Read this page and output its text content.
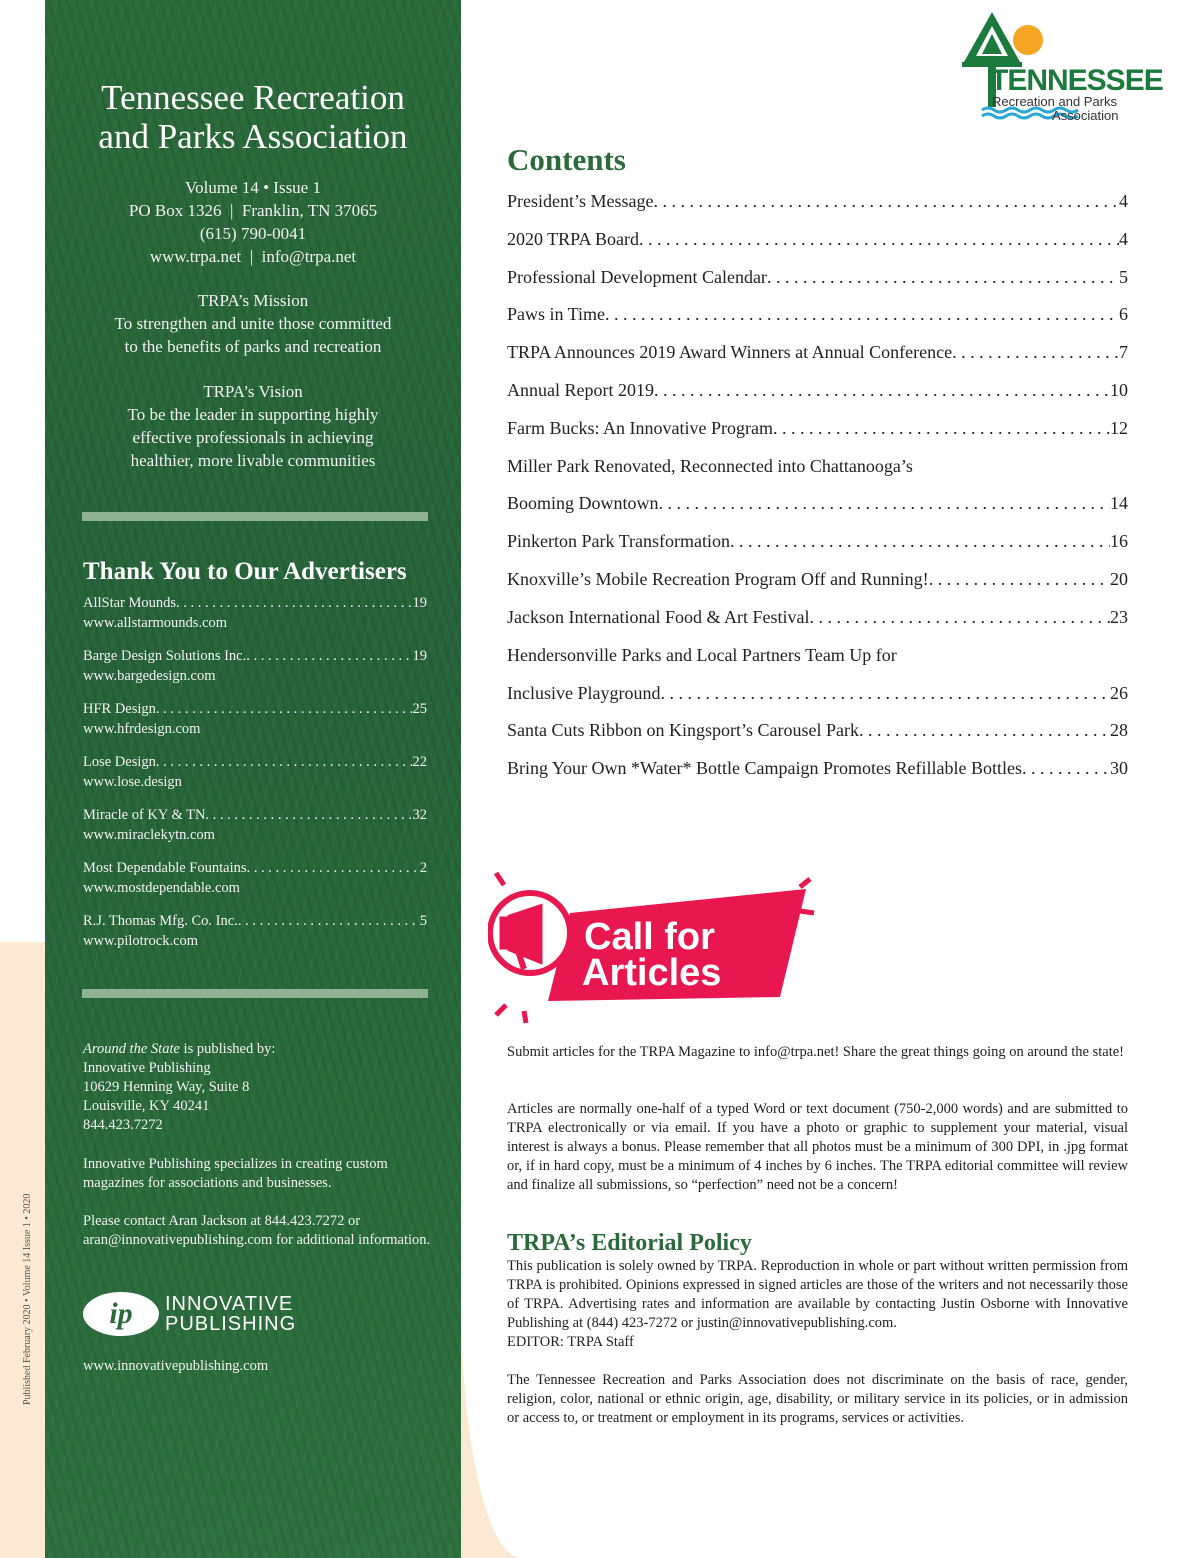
Tennessee Recreation
and Parks Association
Volume 14 • Issue 1
PO Box 1326  |  Franklin, TN 37065
(615) 790-0041
www.trpa.net  |  info@trpa.net
TRPA’s Mission
To strengthen and unite those committed
to the benefits of parks and recreation
TRPA’s Vision
To be the leader in supporting highly
effective professionals in achieving
healthier, more livable communities
Thank You to Our Advertisers
AllStar Mounds . . .	19
www.allstarmounds.com
Barge Design Solutions Inc. . . .	19
www.bargedesign.com
HFR Design . . .	25
www.hfrdesign.com
Lose Design . . .	22
www.lose.design
Miracle of KY & TN . . .	32
www.miraclekytn.com
Most Dependable Fountains . . .	2
www.mostdependable.com
R.J. Thomas Mfg. Co. Inc. . . .	5
www.pilotrock.com
Around the State is published by:
Innovative Publishing
10629 Henning Way, Suite 8
Louisville, KY 40241
844.423.7272
Innovative Publishing specializes in creating custom magazines for associations and businesses.
Please contact Aran Jackson at 844.423.7272 or aran@innovativepublishing.com for additional information.
ip	INNOVATIVE
PUBLISHING
www.innovativepublishing.com
Published February 2020 • Volume 14 Issue 1 • 2020
TENNESSEE
Recreation and Parks
Association
Contents
President’s Message . . .	4
2020 TRPA Board . . .	4
Professional Development Calendar . . .	5
Paws in Time . . .	6
TRPA Announces 2019 Award Winners at Annual Conference . . .	7
Annual Report 2019 . . .	10
Farm Bucks: An Innovative Program . . .	12
Miller Park Renovated, Reconnected into Chattanooga’s
Booming Downtown . . .	14
Pinkerton Park Transformation . . .	16
Knoxville’s Mobile Recreation Program Off and Running! . . .	20
Jackson International Food & Art Festival . . .	23
Hendersonville Parks and Local Partners Team Up for
Inclusive Playground . . .	26
Santa Cuts Ribbon on Kingsport’s Carousel Park . . .	28
Bring Your Own *Water* Bottle Campaign Promotes Refillable Bottles . . .	30
Call for
Articles
Submit articles for the TRPA Magazine to info@trpa.net! Share the great things going on around the state!
Articles are normally one-half of a typed Word or text document (750-2,000 words) and are submitted to TRPA electronically or via email. If you have a photo or graphic to supplement your material, visual interest is always a bonus. Please remember that all photos must be a minimum of 300 DPI, in .jpg format or, if in hard copy, must be a minimum of 4 inches by 6 inches. The TRPA editorial committee will review and finalize all submissions, so “perfection” need not be a concern!
TRPA’s Editorial Policy
This publication is solely owned by TRPA. Reproduction in whole or part without written permission from TRPA is prohibited. Opinions expressed in signed articles are those of the writers and not necessarily those of TRPA. Advertising rates and information are available by contacting Justin Osborne with Innovative Publishing at (844) 423-7272 or justin@innovativepublishing.com.
EDITOR: TRPA Staff
The Tennessee Recreation and Parks Association does not discriminate on the basis of race, gender, religion, color, national or ethnic origin, age, disability, or military service in its policies, or in admission or access to, or treatment or employment in its programs, services or activities.
